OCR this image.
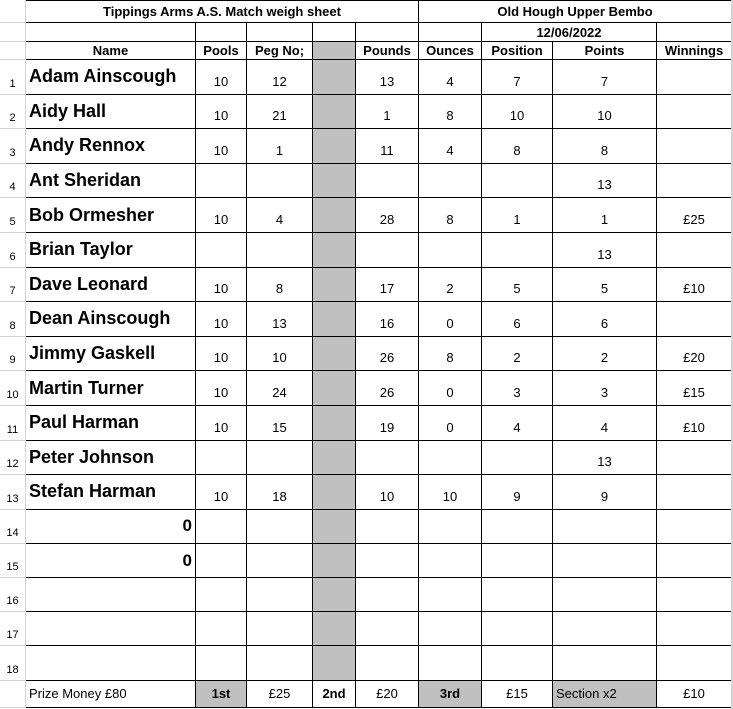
	Tippings Arms A.S. Match weigh sheet					Old Hough Upper Bembo			
							12/06/2022		
	Name	Pools	Peg No;		Pounds	Ounces	Position	Points	Winnings
1	Adam Ainscough	10	12		13	4	7	7	
2	Aidy Hall	10	21		1	8	10	10	
3	Andy Rennox	10	1		11	4	8	8	
4	Ant Sheridan							13	
5	Bob Ormesher	10	4		28	8	1	1	£25
6	Brian Taylor							13	
7	Dave Leonard	10	8		17	2	5	5	£10
8	Dean Ainscough	10	13		16	0	6	6	
9	Jimmy Gaskell	10	10		26	8	2	2	£20
10	Martin Turner	10	24		26	0	3	3	£15
11	Paul Harman	10	15		19	0	4	4	£10
12	Peter Johnson							13	
13	Stefan Harman	10	18		10	10	9	9	
14	0								
15	0								
16									
17									
18									
	Prize Money £80	1st	£25	2nd	£20	3rd	£15	Section x2	£10
